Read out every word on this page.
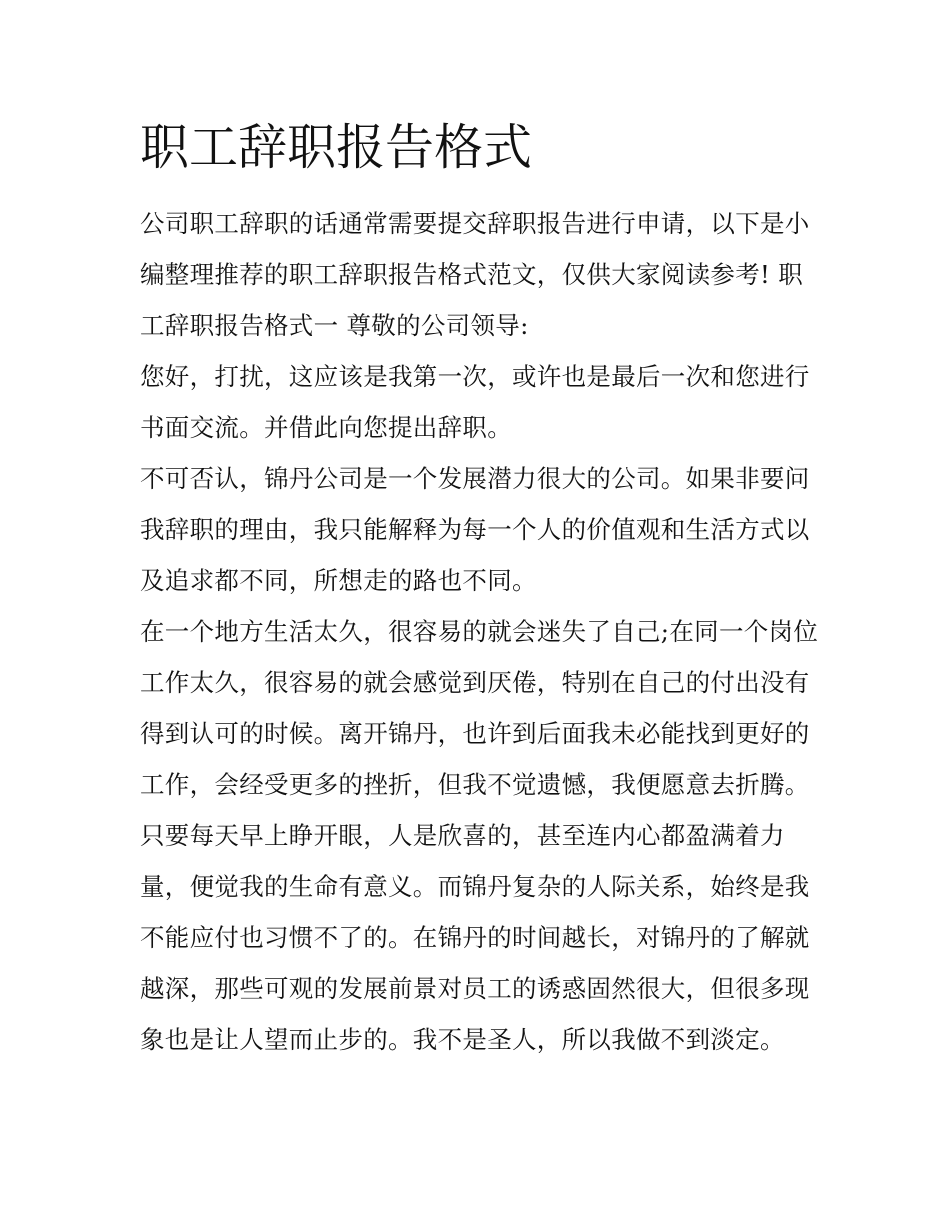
职工辞职报告格式

公司职工辞职的话通常需要提交辞职报告进行申请，以下是小编整理推荐的职工辞职报告格式范文，仅供大家阅读参考! 职工辞职报告格式一 尊敬的公司领导:

您好，打扰，这应该是我第一次，或许也是最后一次和您进行书面交流。并借此向您提出辞职。

不可否认，锦丹公司是一个发展潜力很大的公司。如果非要问我辞职的理由，我只能解释为每一个人的价值观和生活方式以及追求都不同，所想走的路也不同。

在一个地方生活太久，很容易的就会迷失了自己;在同一个岗位工作太久，很容易的就会感觉到厌倦，特别在自己的付出没有得到认可的时候。离开锦丹，也许到后面我未必能找到更好的工作，会经受更多的挫折，但我不觉遗憾，我便愿意去折腾。

只要每天早上睁开眼，人是欣喜的，甚至连内心都盈满着力量，便觉我的生命有意义。而锦丹复杂的人际关系，始终是我不能应付也习惯不了的。在锦丹的时间越长，对锦丹的了解就越深，那些可观的发展前景对员工的诱惑固然很大，但很多现象也是让人望而止步的。我不是圣人，所以我做不到淡定。
